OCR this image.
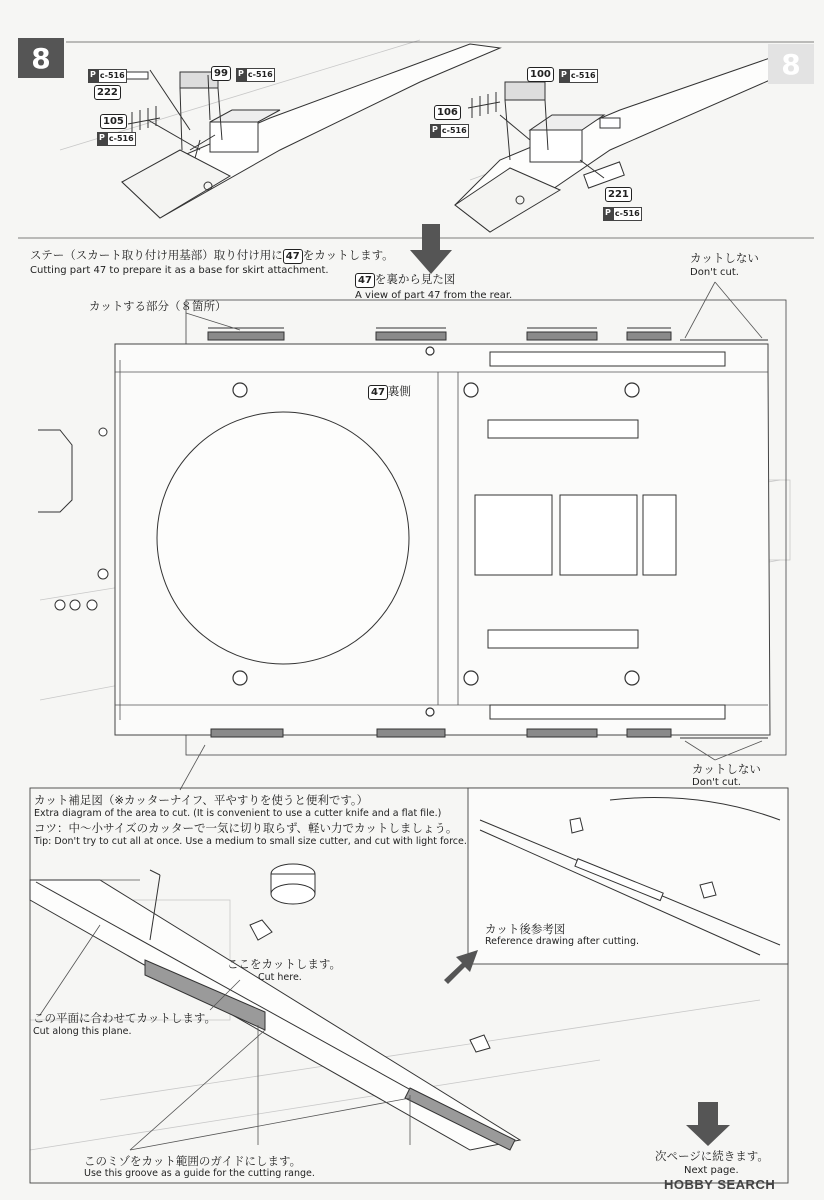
8	8
P c-516
222
99 P c-516
105
P c-516
100 P c-516
106
P c-516
221
P c-516
ステー（スカート取り付け用基部）取り付け用に 47 をカットします。
Cutting part 47 to prepare it as a base for skirt attachment.
47 を裏から見た図
A view of part 47 from the rear.
カットしない
Don't cut.
カットする部分（８箇所）
47 裏側
カットしない
Don't cut.
カット補足図（※カッターナイフ、平やすりを使うと便利です。）
Extra diagram of the area to cut. (It is convenient to use a cutter knife and a flat file.)
コツ：中～小サイズのカッターで一気に切り取らず、軽い力でカットしましょう。
Tip: Don't try to cut all at once. Use a medium to small size cutter, and cut with light force.
カット後参考図
Reference drawing after cutting.
ここをカットします。
Cut here.
この平面に合わせてカットします。
Cut along this plane.
このミゾをカット範囲のガイドにします。
Use this groove as a guide for the cutting range.
次ページに続きます。
Next page.
HOBBY SEARCH
